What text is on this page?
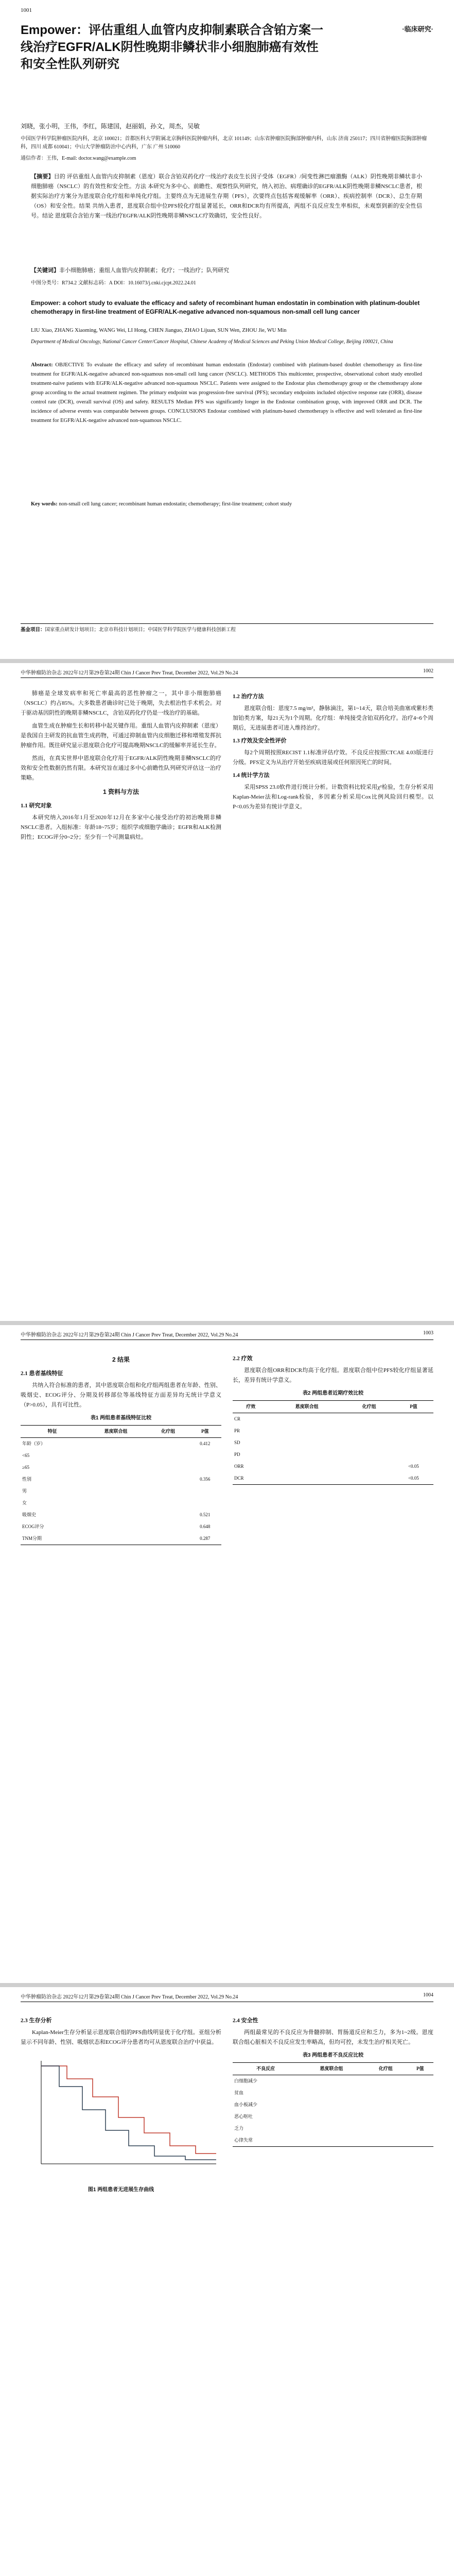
1001
·临床研究·
Empower：评估重组人血管内皮抑制素联合含铂方案一线治疗EGFR/ALK阴性晚期非鳞状非小细胞肺癌有效性和安全性队列研究
刘晓，张小明，王伟，李红，陈建国，赵丽娟，孙文，周杰，吴敏
中国医学科学院肿瘤医院内科，北京 100021；首都医科大学附属北京胸科医院肿瘤内科，北京 101149；山东省肿瘤医院胸部肿瘤内科，山东 济南 250117；四川省肿瘤医院胸部肿瘤科，四川 成都 610041；中山大学肿瘤防治中心内科，广东 广州 510060
通信作者：王伟，E-mail: doctor.wang@example.com
【摘要】目的 评估重组人血管内皮抑制素（恩度）联合含铂双药化疗一线治疗表皮生长因子受体（EGFR）/间变性淋巴瘤激酶（ALK）阴性晚期非鳞状非小细胞肺癌（NSCLC）的有效性和安全性。方法 本研究为多中心、前瞻性、观察性队列研究，纳入初治、病理确诊的EGFR/ALK阴性晚期非鳞NSCLC患者，根据实际治疗方案分为恩度联合化疗组和单纯化疗组。主要终点为无进展生存期（PFS），次要终点包括客观缓解率（ORR）、疾病控制率（DCR）、总生存期（OS）和安全性。结果 共纳入患者，恩度联合组中位PFS较化疗组显著延长，ORR和DCR均有所提高，两组不良反应发生率相似，未观察到新的安全性信号。结论 恩度联合含铂方案一线治疗EGFR/ALK阴性晚期非鳞NSCLC疗效确切，安全性良好。
【关键词】非小细胞肺癌；重组人血管内皮抑制素；化疗；一线治疗；队列研究
中图分类号：R734.2 文献标志码：A DOI：10.16073/j.cnki.cjcpt.2022.24.01
Empower: a cohort study to evaluate the efficacy and safety of recombinant human endostatin in combination with platinum-doublet chemotherapy in first-line treatment of EGFR/ALK-negative advanced non-squamous non-small cell lung cancer
LIU Xiao, ZHANG Xiaoming, WANG Wei, LI Hong, CHEN Jianguo, ZHAO Lijuan, SUN Wen, ZHOU Jie, WU Min
Department of Medical Oncology, National Cancer Center/Cancer Hospital, Chinese Academy of Medical Sciences and Peking Union Medical College, Beijing 100021, China
Abstract: OBJECTIVE To evaluate the efficacy and safety of recombinant human endostatin (Endostar) combined with platinum-based doublet chemotherapy as first-line treatment for EGFR/ALK-negative advanced non-squamous non-small cell lung cancer (NSCLC). METHODS This multicenter, prospective, observational cohort study enrolled treatment-naive patients with EGFR/ALK-negative advanced non-squamous NSCLC. Patients were assigned to the Endostar plus chemotherapy group or the chemotherapy alone group according to the actual treatment regimen. The primary endpoint was progression-free survival (PFS); secondary endpoints included objective response rate (ORR), disease control rate (DCR), overall survival (OS) and safety. RESULTS Median PFS was significantly longer in the Endostar combination group, with improved ORR and DCR. The incidence of adverse events was comparable between groups. CONCLUSIONS Endostar combined with platinum-based chemotherapy is effective and well tolerated as first-line treatment for EGFR/ALK-negative advanced non-squamous NSCLC.
Key words: non-small cell lung cancer; recombinant human endostatin; chemotherapy; first-line treatment; cohort study
基金项目：国家重点研发计划项目；北京市科技计划项目；中国医学科学院医学与健康科技创新工程
中华肿瘤防治杂志 2022年12月第29卷第24期 Chin J Cancer Prev Treat, December 2022, Vol.29 No.24	1002

肺癌是全球发病率和死亡率最高的恶性肿瘤之一，其中非小细胞肺癌（NSCLC）约占85%。大多数患者确诊时已处于晚期，失去根治性手术机会。对于驱动基因阴性的晚期非鳞NSCLC，含铂双药化疗仍是一线治疗的基础。

血管生成在肿瘤生长和转移中起关键作用。重组人血管内皮抑制素（恩度）是我国自主研发的抗血管生成药物，可通过抑制血管内皮细胞迁移和增殖发挥抗肿瘤作用。既往研究显示恩度联合化疗可提高晚期NSCLC的缓解率并延长生存。

然而，在真实世界中恩度联合化疗用于EGFR/ALK阴性晚期非鳞NSCLC的疗效和安全性数据仍然有限。本研究旨在通过多中心前瞻性队列研究评估这一治疗策略。

1 资料与方法
1.1 研究对象

本研究纳入2016年1月至2020年12月在多家中心接受治疗的初治晚期非鳞NSCLC患者。入组标准：年龄18~75岁；组织学或细胞学确诊；EGFR和ALK检测阴性；ECOG评分0~2分；至少有一个可测量病灶。

1.2 治疗方法

恩度联合组：恩度7.5 mg/m²，静脉滴注，第1~14天，联合培美曲塞或紫杉类加铂类方案，每21天为1个周期。化疗组：单纯接受含铂双药化疗。治疗4~6个周期后，无进展患者可进入维持治疗。

1.3 疗效及安全性评价

每2个周期按照RECIST 1.1标准评估疗效。不良反应按照CTCAE 4.03版进行分级。PFS定义为从治疗开始至疾病进展或任何原因死亡的时间。

1.4 统计学方法

采用SPSS 23.0软件进行统计分析。计数资料比较采用χ²检验，生存分析采用Kaplan-Meier法和Log-rank检验，多因素分析采用Cox比例风险回归模型。以P<0.05为差异有统计学意义。

中华肿瘤防治杂志 2022年12月第29卷第24期 Chin J Cancer Prev Treat, December 2022, Vol.29 No.24	1003
2 结果
2.1 患者基线特征

共纳入符合标准的患者，其中恩度联合组和化疗组两组患者在年龄、性别、吸烟史、ECOG评分、分期及转移部位等基线特征方面差异均无统计学意义（P>0.05），具有可比性。

表1 两组患者基线特征比较
特征	恩度联合组	化疗组	P值
年龄（岁）			0.412
<65			
≥65			
性别			0.356
男			
女			
吸烟史			0.521
ECOG评分			0.648
TNM分期			0.287
2.2 疗效

恩度联合组ORR和DCR均高于化疗组。恩度联合组中位PFS较化疗组显著延长，差异有统计学意义。

表2 两组患者近期疗效比较
疗效	恩度联合组	化疗组	P值
CR			
PR			
SD			
PD			
ORR			<0.05
DCR			<0.05
中华肿瘤防治杂志 2022年12月第29卷第24期 Chin J Cancer Prev Treat, December 2022, Vol.29 No.24	1004
2.3 生存分析

Kaplan-Meier生存分析显示恩度联合组的PFS曲线明显优于化疗组。亚组分析显示不同年龄、性别、吸烟状态和ECOG评分患者均可从恩度联合治疗中获益。

图1 两组患者无进展生存曲线
2.4 安全性

两组最常见的不良反应为骨髓抑制、胃肠道反应和乏力，多为1~2级。恩度联合组心脏相关不良反应发生率略高，但均可控，未发生治疗相关死亡。

表3 两组患者不良反应比较
不良反应	恩度联合组	化疗组	P值
白细胞减少			
贫血			
血小板减少			
恶心呕吐			
乏力			
心律失常			
